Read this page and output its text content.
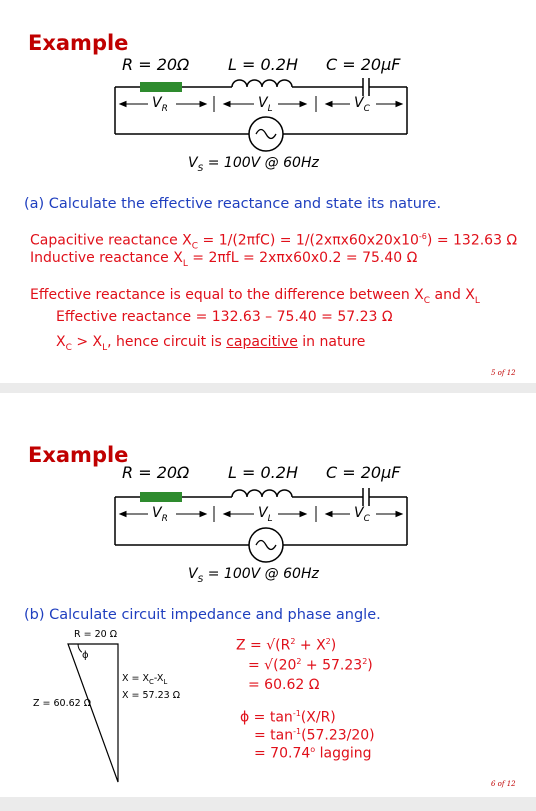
Example
R = 20Ω L = 0.2H C = 20μF
$V_R$	$V_L$	$V_C$
$V_S = 100V$ @ 60Hz
(a) Calculate the effective reactance and state its nature.
Capacitive reactance $X_C = 1/(2\pi fC) = 1/(2x\pi x60x20x10^{-6}) = 132.63$ Ω
Inductive reactance $X_L = 2\pi fL = 2x\pi x60x0.2 = 75.40$ Ω
Effective reactance is equal to the difference between $X_C$ and $X_L$
Effective reactance = 132.63 – 75.40 = 57.23 Ω
$X_C > X_L$, hence circuit is capacitive in nature
5 of 12
Example
R = 20Ω L = 0.2H C = 20μF
$V_R$	$V_L$	$V_C$
$V_S = 100V$ @ 60Hz
(b) Calculate circuit impedance and phase angle.
R = 20 Ω
ϕ
$X = X_C-X_L$
X = 57.23 Ω
Z = 60.62 Ω
$Z = √(R^2 + X^2)$
= $√(20^2 + 57.23^2)$
= 60.62 Ω
$\phi = \tan^{-1}(X/R)$
= $\tan^{-1}(57.23/20)$
= $70.74^o$ lagging
6 of 12
